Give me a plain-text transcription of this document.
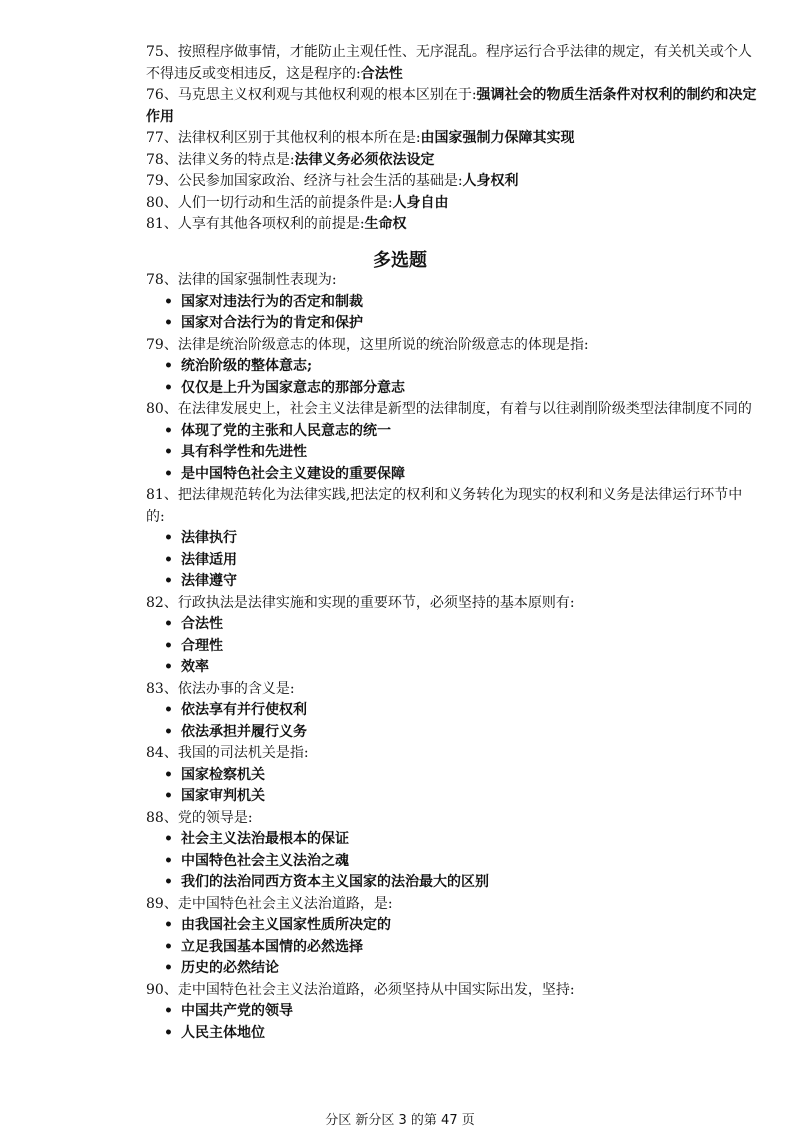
75、按照程序做事情，才能防止主观任性、无序混乱。程序运行合乎法律的规定，有关机关或个人不得违反或变相违反，这是程序的:合法性
76、马克思主义权利观与其他权利观的根本区别在于:强调社会的物质生活条件对权利的制约和决定作用
77、法律权利区别于其他权利的根本所在是:由国家强制力保障其实现
78、法律义务的特点是:法律义务必须依法设定
79、公民参加国家政治、经济与社会生活的基础是:人身权利
80、人们一切行动和生活的前提条件是:人身自由
81、人享有其他各项权利的前提是:生命权
多选题
78、法律的国家强制性表现为:
• 国家对违法行为的否定和制裁
• 国家对合法行为的肯定和保护
79、法律是统治阶级意志的体现，这里所说的统治阶级意志的体现是指:
• 统治阶级的整体意志;
• 仅仅是上升为国家意志的那部分意志
80、在法律发展史上，社会主义法律是新型的法律制度，有着与以往剥削阶级类型法律制度不同的
• 体现了党的主张和人民意志的统一
• 具有科学性和先进性
• 是中国特色社会主义建设的重要保障
81、把法律规范转化为法律实践,把法定的权利和义务转化为现实的权利和义务是法律运行环节中的:
• 法律执行
• 法律适用
• 法律遵守
82、行政执法是法律实施和实现的重要环节，必须坚持的基本原则有:
• 合法性
• 合理性
• 效率
83、依法办事的含义是:
• 依法享有并行使权利
• 依法承担并履行义务
84、我国的司法机关是指:
• 国家检察机关
• 国家审判机关
88、党的领导是:
• 社会主义法治最根本的保证
• 中国特色社会主义法治之魂
• 我们的法治同西方资本主义国家的法治最大的区别
89、走中国特色社会主义法治道路，是:
• 由我国社会主义国家性质所决定的
• 立足我国基本国情的必然选择
• 历史的必然结论
90、走中国特色社会主义法治道路，必须坚持从中国实际出发，坚持:
• 中国共产党的领导
• 人民主体地位
分区 新分区 3 的第 47 页
